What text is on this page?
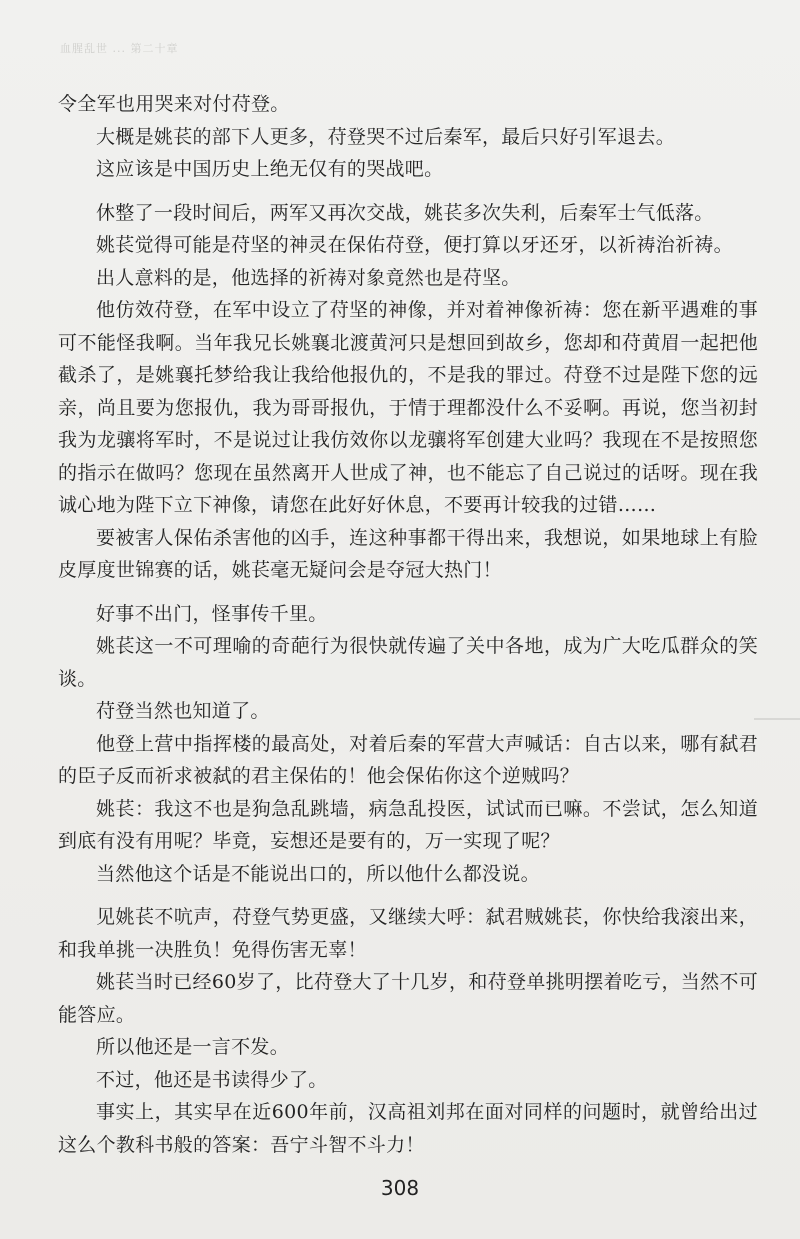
血腥乱世 ... 第二十章

令全军也用哭来对付苻登。

大概是姚苌的部下人更多，苻登哭不过后秦军，最后只好引军退去。

这应该是中国历史上绝无仅有的哭战吧。

休整了一段时间后，两军又再次交战，姚苌多次失利，后秦军士气低落。

姚苌觉得可能是苻坚的神灵在保佑苻登，便打算以牙还牙，以祈祷治祈祷。

出人意料的是，他选择的祈祷对象竟然也是苻坚。

他仿效苻登，在军中设立了苻坚的神像，并对着神像祈祷：您在新平遇难的事可不能怪我啊。当年我兄长姚襄北渡黄河只是想回到故乡，您却和苻黄眉一起把他截杀了，是姚襄托梦给我让我给他报仇的，不是我的罪过。苻登不过是陛下您的远亲，尚且要为您报仇，我为哥哥报仇，于情于理都没什么不妥啊。再说，您当初封我为龙骧将军时，不是说过让我仿效你以龙骧将军创建大业吗？我现在不是按照您的指示在做吗？您现在虽然离开人世成了神，也不能忘了自己说过的话呀。现在我诚心地为陛下立下神像，请您在此好好休息，不要再计较我的过错……

要被害人保佑杀害他的凶手，连这种事都干得出来，我想说，如果地球上有脸皮厚度世锦赛的话，姚苌毫无疑问会是夺冠大热门！

好事不出门，怪事传千里。

姚苌这一不可理喻的奇葩行为很快就传遍了关中各地，成为广大吃瓜群众的笑谈。

苻登当然也知道了。

他登上营中指挥楼的最高处，对着后秦的军营大声喊话：自古以来，哪有弑君的臣子反而祈求被弑的君主保佑的！他会保佑你这个逆贼吗？

姚苌：我这不也是狗急乱跳墙，病急乱投医，试试而已嘛。不尝试，怎么知道到底有没有用呢？毕竟，妄想还是要有的，万一实现了呢？

当然他这个话是不能说出口的，所以他什么都没说。

见姚苌不吭声，苻登气势更盛，又继续大呼：弑君贼姚苌，你快给我滚出来，和我单挑一决胜负！免得伤害无辜！

姚苌当时已经60岁了，比苻登大了十几岁，和苻登单挑明摆着吃亏，当然不可能答应。

所以他还是一言不发。

不过，他还是书读得少了。

事实上，其实早在近600年前，汉高祖刘邦在面对同样的问题时，就曾给出过这么个教科书般的答案：吾宁斗智不斗力！

308
